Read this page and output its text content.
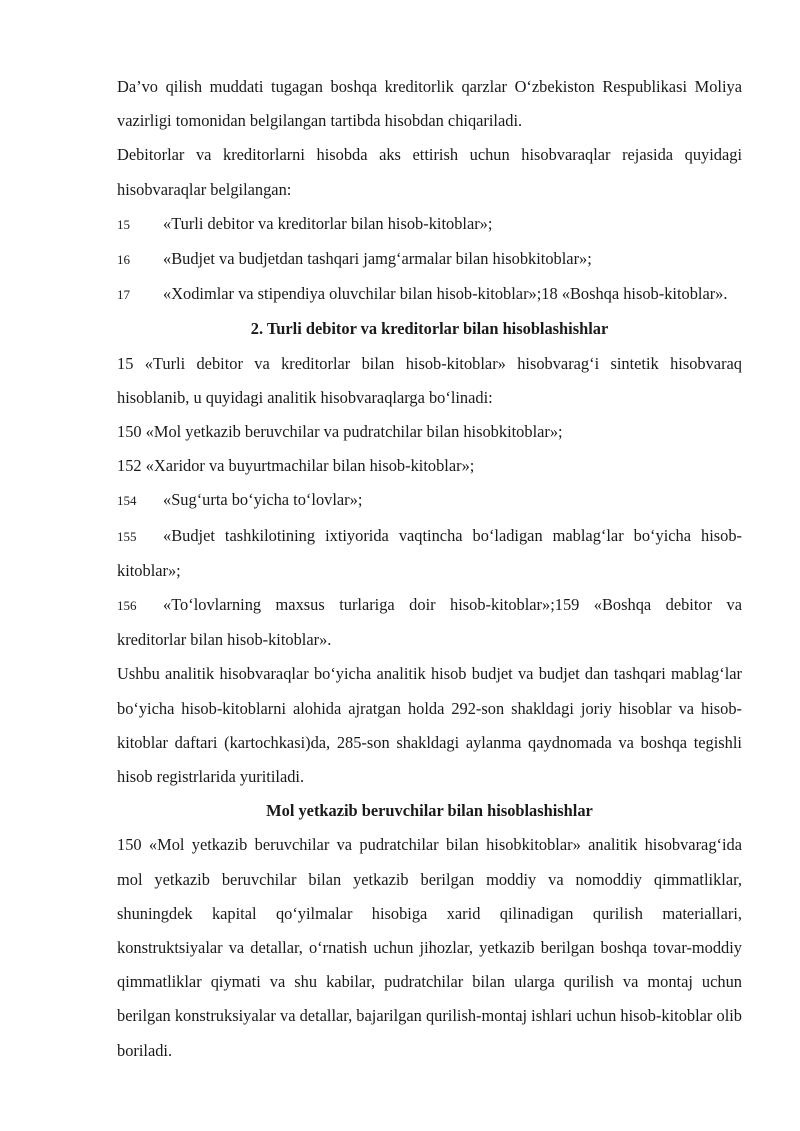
Da’vo qilish muddati tugagan boshqa kreditorlik qarzlar O‘zbekiston Respublikasi Moliya vazirligi tomonidan belgilangan tartibda hisobdan chiqariladi.

Debitorlar va kreditorlarni hisobda aks ettirish uchun hisobvaraqlar rejasida quyidagi hisobvaraqlar belgilangan:

15 «Turli debitor va kreditorlar bilan hisob-kitoblar»;

16 «Budjet va budjetdan tashqari jamg‘armalar bilan hisobkitoblar»;

17 «Xodimlar va stipendiya oluvchilar bilan hisob-kitoblar»;18 «Boshqa hisob-kitoblar».

2. Turli debitor va kreditorlar bilan hisoblashishlar

15 «Turli debitor va kreditorlar bilan hisob-kitoblar» hisobvarag‘i sintetik hisobvaraq hisoblanib, u quyidagi analitik hisobvaraqlarga bo‘linadi:

150 «Mol yetkazib beruvchilar va pudratchilar bilan hisobkitoblar»;

152 «Xaridor va buyurtmachilar bilan hisob-kitoblar»;

154 «Sug‘urta bo‘yicha to‘lovlar»;

155 «Budjet tashkilotining ixtiyorida vaqtincha bo‘ladigan mablag‘lar bo‘yicha hisob-kitoblar»;

156 «To‘lovlarning maxsus turlariga doir hisob-kitoblar»;159 «Boshqa debitor va kreditorlar bilan hisob-kitoblar».

Ushbu analitik hisobvaraqlar bo‘yicha analitik hisob budjet va budjet dan tashqari mablag‘lar bo‘yicha hisob-kitoblarni alohida ajratgan holda 292-son shakldagi joriy hisoblar va hisob-kitoblar daftari (kartochkasi)da, 285-son shakldagi aylanma qaydnomada va boshqa tegishli hisob registrlarida yuritiladi.

Mol yetkazib beruvchilar bilan hisoblashishlar

150 «Mol yetkazib beruvchilar va pudratchilar bilan hisobkitoblar» analitik hisobvarag‘ida mol yetkazib beruvchilar bilan yetkazib berilgan moddiy va nomoddiy qimmatliklar, shuningdek kapital qo‘yilmalar hisobiga xarid qilinadigan qurilish materiallari, konstruktsiyalar va detallar, o‘rnatish uchun jihozlar, yetkazib berilgan boshqa tovar-moddiy qimmatliklar qiymati va shu kabilar, pudratchilar bilan ularga qurilish va montaj uchun berilgan konstruksiyalar va detallar, bajarilgan qurilish-montaj ishlari uchun hisob-kitoblar olib boriladi.
